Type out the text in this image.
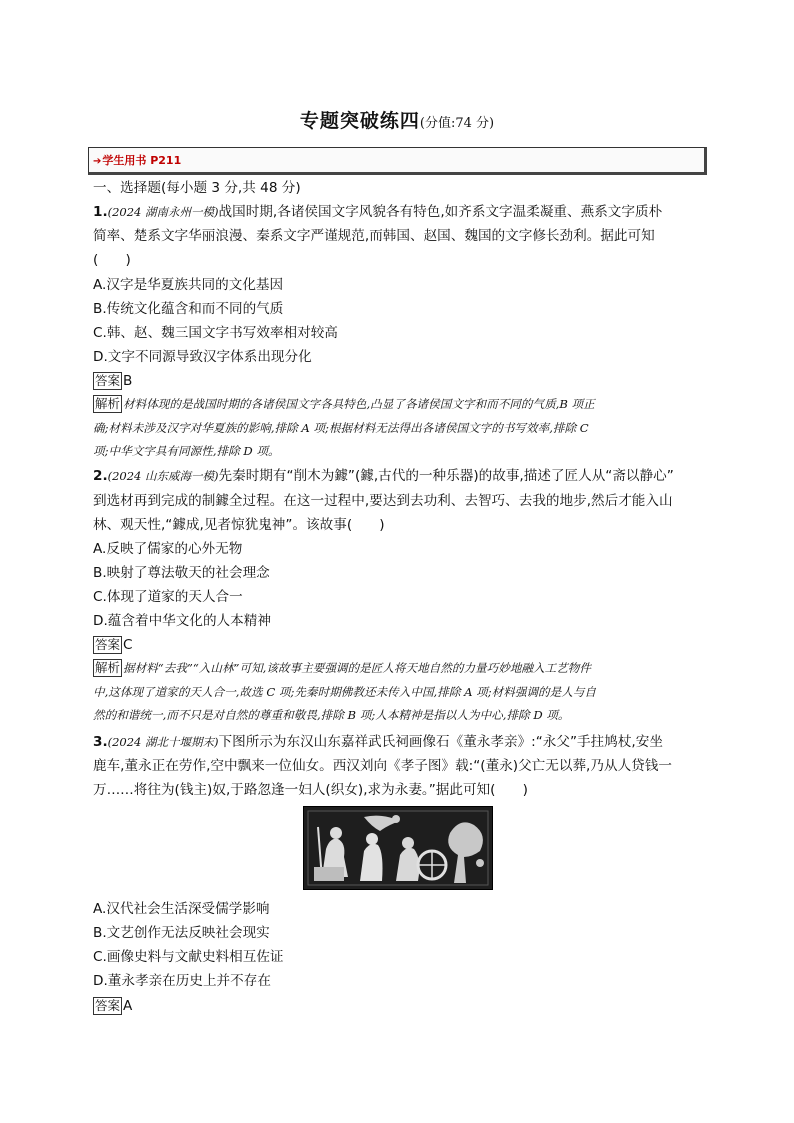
专题突破练四(分值:74 分)
➔学生用书 P211
一、选择题(每小题 3 分,共 48 分)
1.(2024 湖南永州一模)战国时期,各诸侯国文字风貌各有特色,如齐系文字温柔凝重、燕系文字质朴
简率、楚系文字华丽浪漫、秦系文字严谨规范,而韩国、赵国、魏国的文字修长劲利。据此可知
(　　)
A.汉字是华夏族共同的文化基因
B.传统文化蕴含和而不同的气质
C.韩、赵、魏三国文字书写效率相对较高
D.文字不同源导致汉字体系出现分化
答案 B
解析 材料体现的是战国时期的各诸侯国文字各具特色,凸显了各诸侯国文字和而不同的气质,B 项正
确;材料未涉及汉字对华夏族的影响,排除 A 项;根据材料无法得出各诸侯国文字的书写效率,排除 C
项;中华文字具有同源性,排除 D 项。
2.(2024 山东威海一模)先秦时期有“削木为鐻”(鐻,古代的一种乐器)的故事,描述了匠人从“斋以静心”
到选材再到完成的制鐻全过程。在这一过程中,要达到去功利、去智巧、去我的地步,然后才能入山
林、观天性,“鐻成,见者惊犹鬼神”。该故事(　　)
A.反映了儒家的心外无物
B.映射了尊法敬天的社会理念
C.体现了道家的天人合一
D.蕴含着中华文化的人本精神
答案 C
解析 据材料“去我”“入山林”可知,该故事主要强调的是匠人将天地自然的力量巧妙地融入工艺物件
中,这体现了道家的天人合一,故选 C 项;先秦时期佛教还未传入中国,排除 A 项;材料强调的是人与自
然的和谐统一,而不只是对自然的尊重和敬畏,排除 B 项;人本精神是指以人为中心,排除 D 项。
3.(2024 湖北十堰期末)下图所示为东汉山东嘉祥武氏祠画像石《董永孝亲》:“永父”手拄鸠杖,安坐
鹿车,董永正在劳作,空中飘来一位仙女。西汉刘向《孝子图》载:“(董永)父亡无以葬,乃从人贷钱一
万……将往为(钱主)奴,于路忽逢一妇人(织女),求为永妻。”据此可知(　　)
A.汉代社会生活深受儒学影响
B.文艺创作无法反映社会现实
C.画像史料与文献史料相互佐证
D.董永孝亲在历史上并不存在
答案 A
